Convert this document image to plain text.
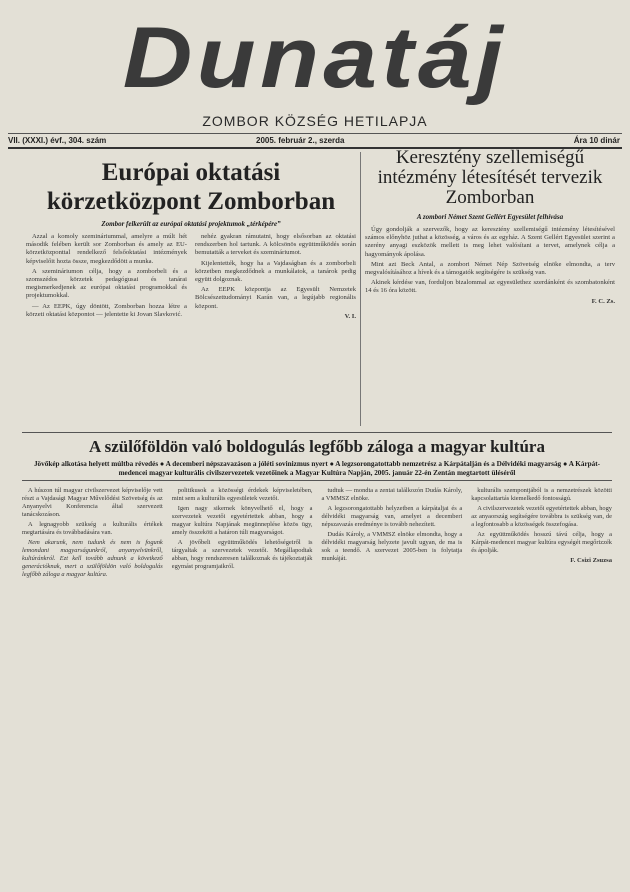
Dunatáj
ZOMBOR KÖZSÉG HETILAPJA
VII. (XXXI.) évf., 304. szám	2005. február 2., szerda	Ára 10 dinár
Európai oktatási körzetközpont Zomborban
Zombor felkerült az európai oktatási projektumok „térképére”

Azzal a komoly szemináriummal, amelyre a múlt hét második felében került sor Zomborban és amely az EU-körzetközponttal rendelkező felsőoktatási intézmények képviselőit hozta össze, megkezdődött a munka.

A szemináriumon célja, hogy a zomborbeli és a szomszédos körzetek pedagógusai és tanárai megismerkedjenek az európai oktatási programokkal és projektumokkal.

— Az EEPK, úgy döntött, Zomborban hozza létre a körzeti oktatási központot — jelentette ki Jovan Slavković.

nehéz gyakran rámutatni, hogy elsősorban az oktatási rendszerben hol tartunk. A kölcsönös együttműködés során bemutatták a terveket és szemináriumot.

Kijelentették, hogy ha a Vajdaságban és a zomborbeli körzetben megkezdődnek a munkálatok, a tanárok pedig együtt dolgoznak.

Az EEPK központja az Egyesült Nemzetek Bölcsészettudományi Karán van, a legújabb regionális központ.

V. I.
Keresztény szellemiségű intézmény létesítését tervezik Zomborban
A zombori Német Szent Gellért Egyesület felhívása

Úgy gondolják a szervezők, hogy az keresztény szellemiségű intézmény létesítésével számos előnyhöz juthat a közösség, a város és az egyház. A Szent Gellért Egyesület szerint a szerény anyagi eszközök mellett is meg lehet valósítani a tervet, amelynek célja a hagyományok ápolása.

Mint azt Beck Antal, a zombori Német Nép Szövetség elnöke elmondta, a terv megvalósításához a hívek és a támogatók segítségére is szükség van.

Akinek kérdése van, forduljon bizalommal az egyesülethez szerdánként és szombatonként 14 és 16 óra között.

F. C. Zs.
A szülőföldön való boldogulás legfőbb záloga a magyar kultúra
Jövőkép alkotása helyett múltba révedés ● A decemberi népszavazáson a jóléti sovinizmus nyert ● A legzsorongatottabb nemzetrész a Kárpátalján és a Délvidéki magyarság ● A Kárpát-medencei magyar kulturális civilszervezetek vezetőinek a Magyar Kultúra Napján, 2005. január 22-én Zentán megtartott üléséről

A húszon túl magyar civilszervezet képviselője vett részt a Vajdasági Magyar Művelődési Szövetség és az Anyanyelvi Konferencia által szervezett tanácskozáson.

A legnagyobb szükség a kulturális értékek megtartására és továbbadására van.

Nem akarunk, nem tudunk és nem is fogunk lemondani magyarságunkról, anyanyelvünkről, kultúránkról. Ezt kell tovább adnunk a következő generációknak, mert a szülőföldön való boldogulás legfőbb záloga a magyar kultúra.

politikusok a közösségi érdekek képviseletében, mint sem a kulturális egyesületek vezetői.

Igen nagy sikernek könyvelhető el, hogy a szervezetek vezetői egyetértettek abban, hogy a magyar kultúra Napjának megünneplése közös ügy, amely összeköti a határon túli magyarságot.

A jövőbeli együttműködés lehetőségeiről is tárgyaltak a szervezetek vezetői. Megállapodtak abban, hogy rendszeresen találkoznak és tájékoztatják egymást programjaikról.

tudtuk — mondta a zentai találkozón Dudás Károly, a VMMSZ elnöke.

A legzsorongatottabb helyzetben a kárpátaljai és a délvidéki magyarság van, amelyet a decemberi népszavazás eredménye is tovább nehezített.

Dudás Károly, a VMMSZ elnöke elmondta, hogy a délvidéki magyarság helyzete javult ugyan, de ma is sok a teendő. A szervezet 2005-ben is folytatja munkáját.

kulturális szempontjából is a nemzetrészek közötti kapcsolattartás kiemelkedő fontosságú.

A civilszervezetek vezetői egyetértettek abban, hogy az anyaország segítségére továbbra is szükség van, de a legfontosabb a közösségek összefogása.

Az együttműködés hosszú távú célja, hogy a Kárpát-medencei magyar kultúra egységét megőrizzék és ápolják.

F. Csizi Zsuzsa
